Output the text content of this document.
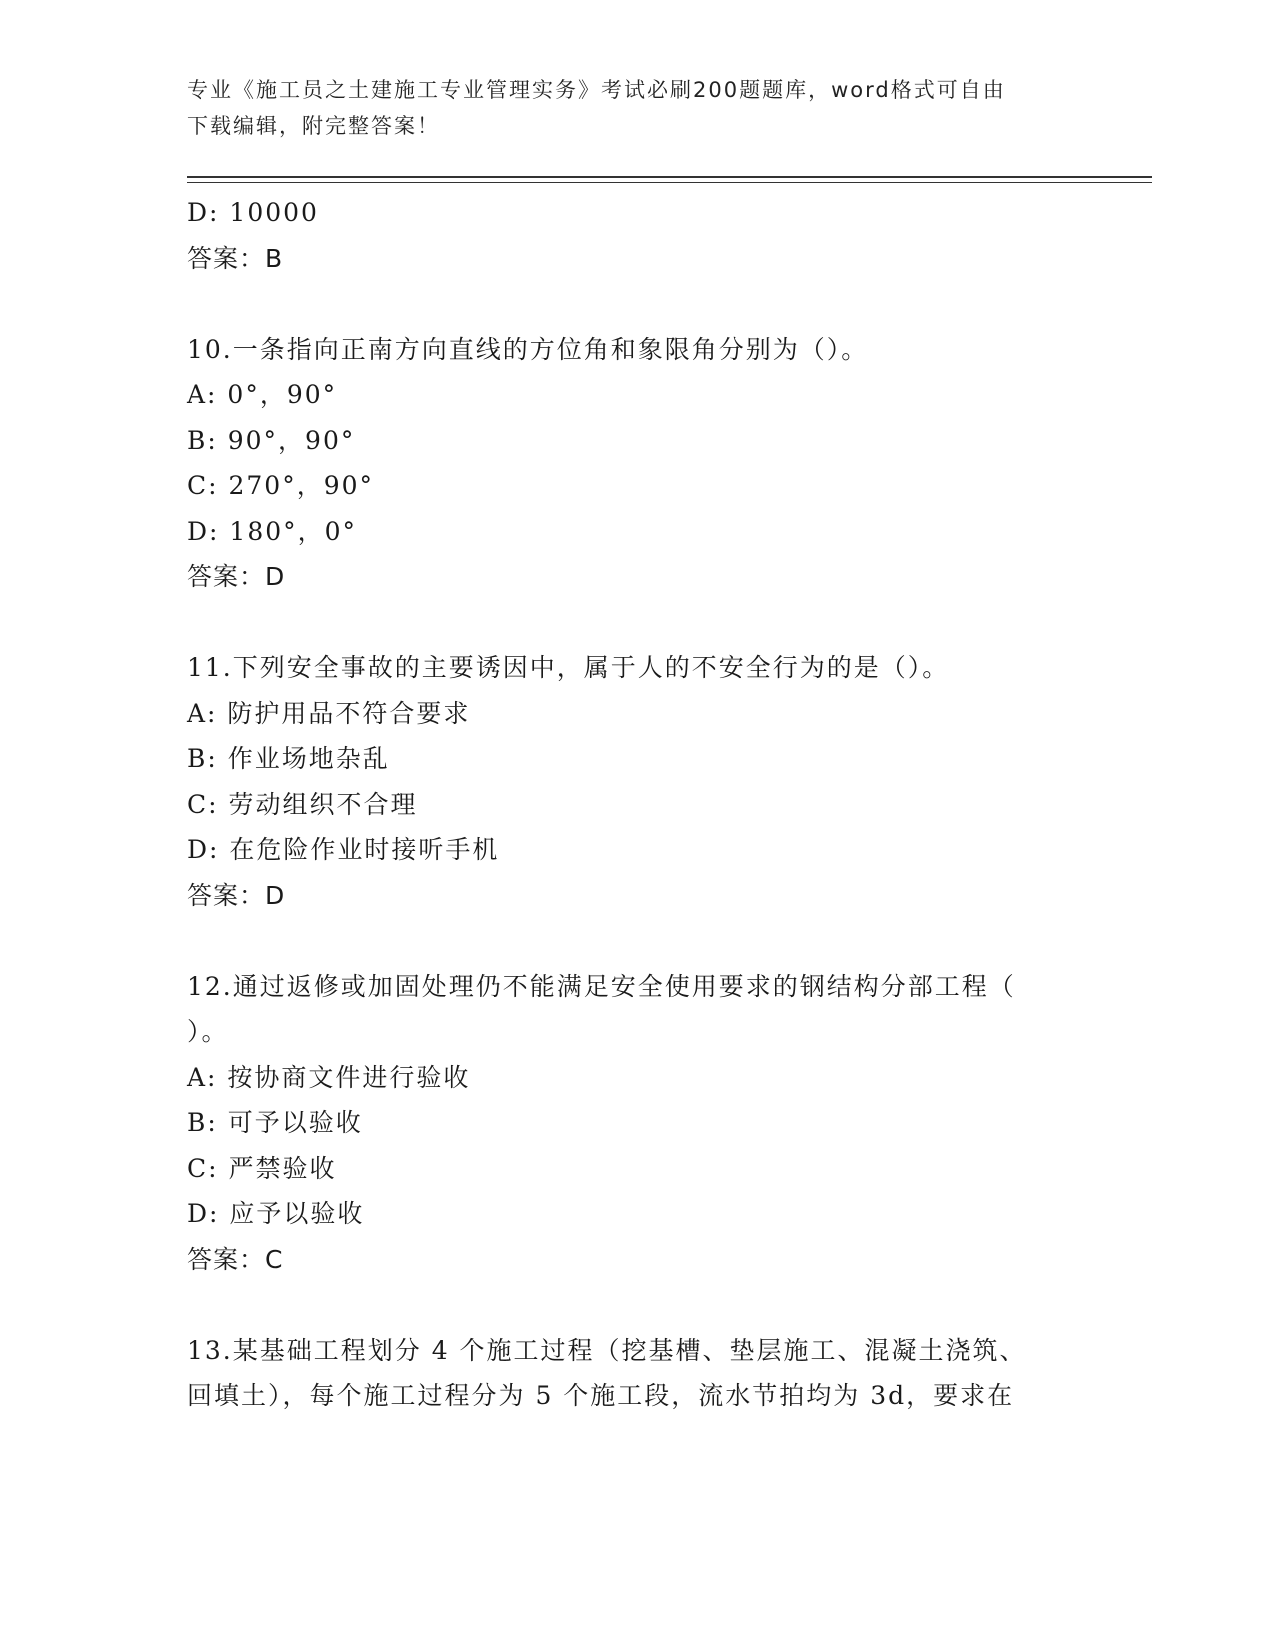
专业《施工员之土建施工专业管理实务》考试必刷200题题库，word格式可自由
下载编辑，附完整答案！
D: 10000
答案：B
10.一条指向正南方向直线的方位角和象限角分别为（）。
A: 0°，90°
B: 90°，90°
C: 270°，90°
D: 180°，0°
答案：D
11.下列安全事故的主要诱因中，属于人的不安全行为的是（）。
A: 防护用品不符合要求
B: 作业场地杂乱
C: 劳动组织不合理
D: 在危险作业时接听手机
答案：D
12.通过返修或加固处理仍不能满足安全使用要求的钢结构分部工程（
）。
A: 按协商文件进行验收
B: 可予以验收
C: 严禁验收
D: 应予以验收
答案：C
13.某基础工程划分 4 个施工过程（挖基槽、垫层施工、混凝土浇筑、
回填土），每个施工过程分为 5 个施工段，流水节拍均为 3d，要求在
